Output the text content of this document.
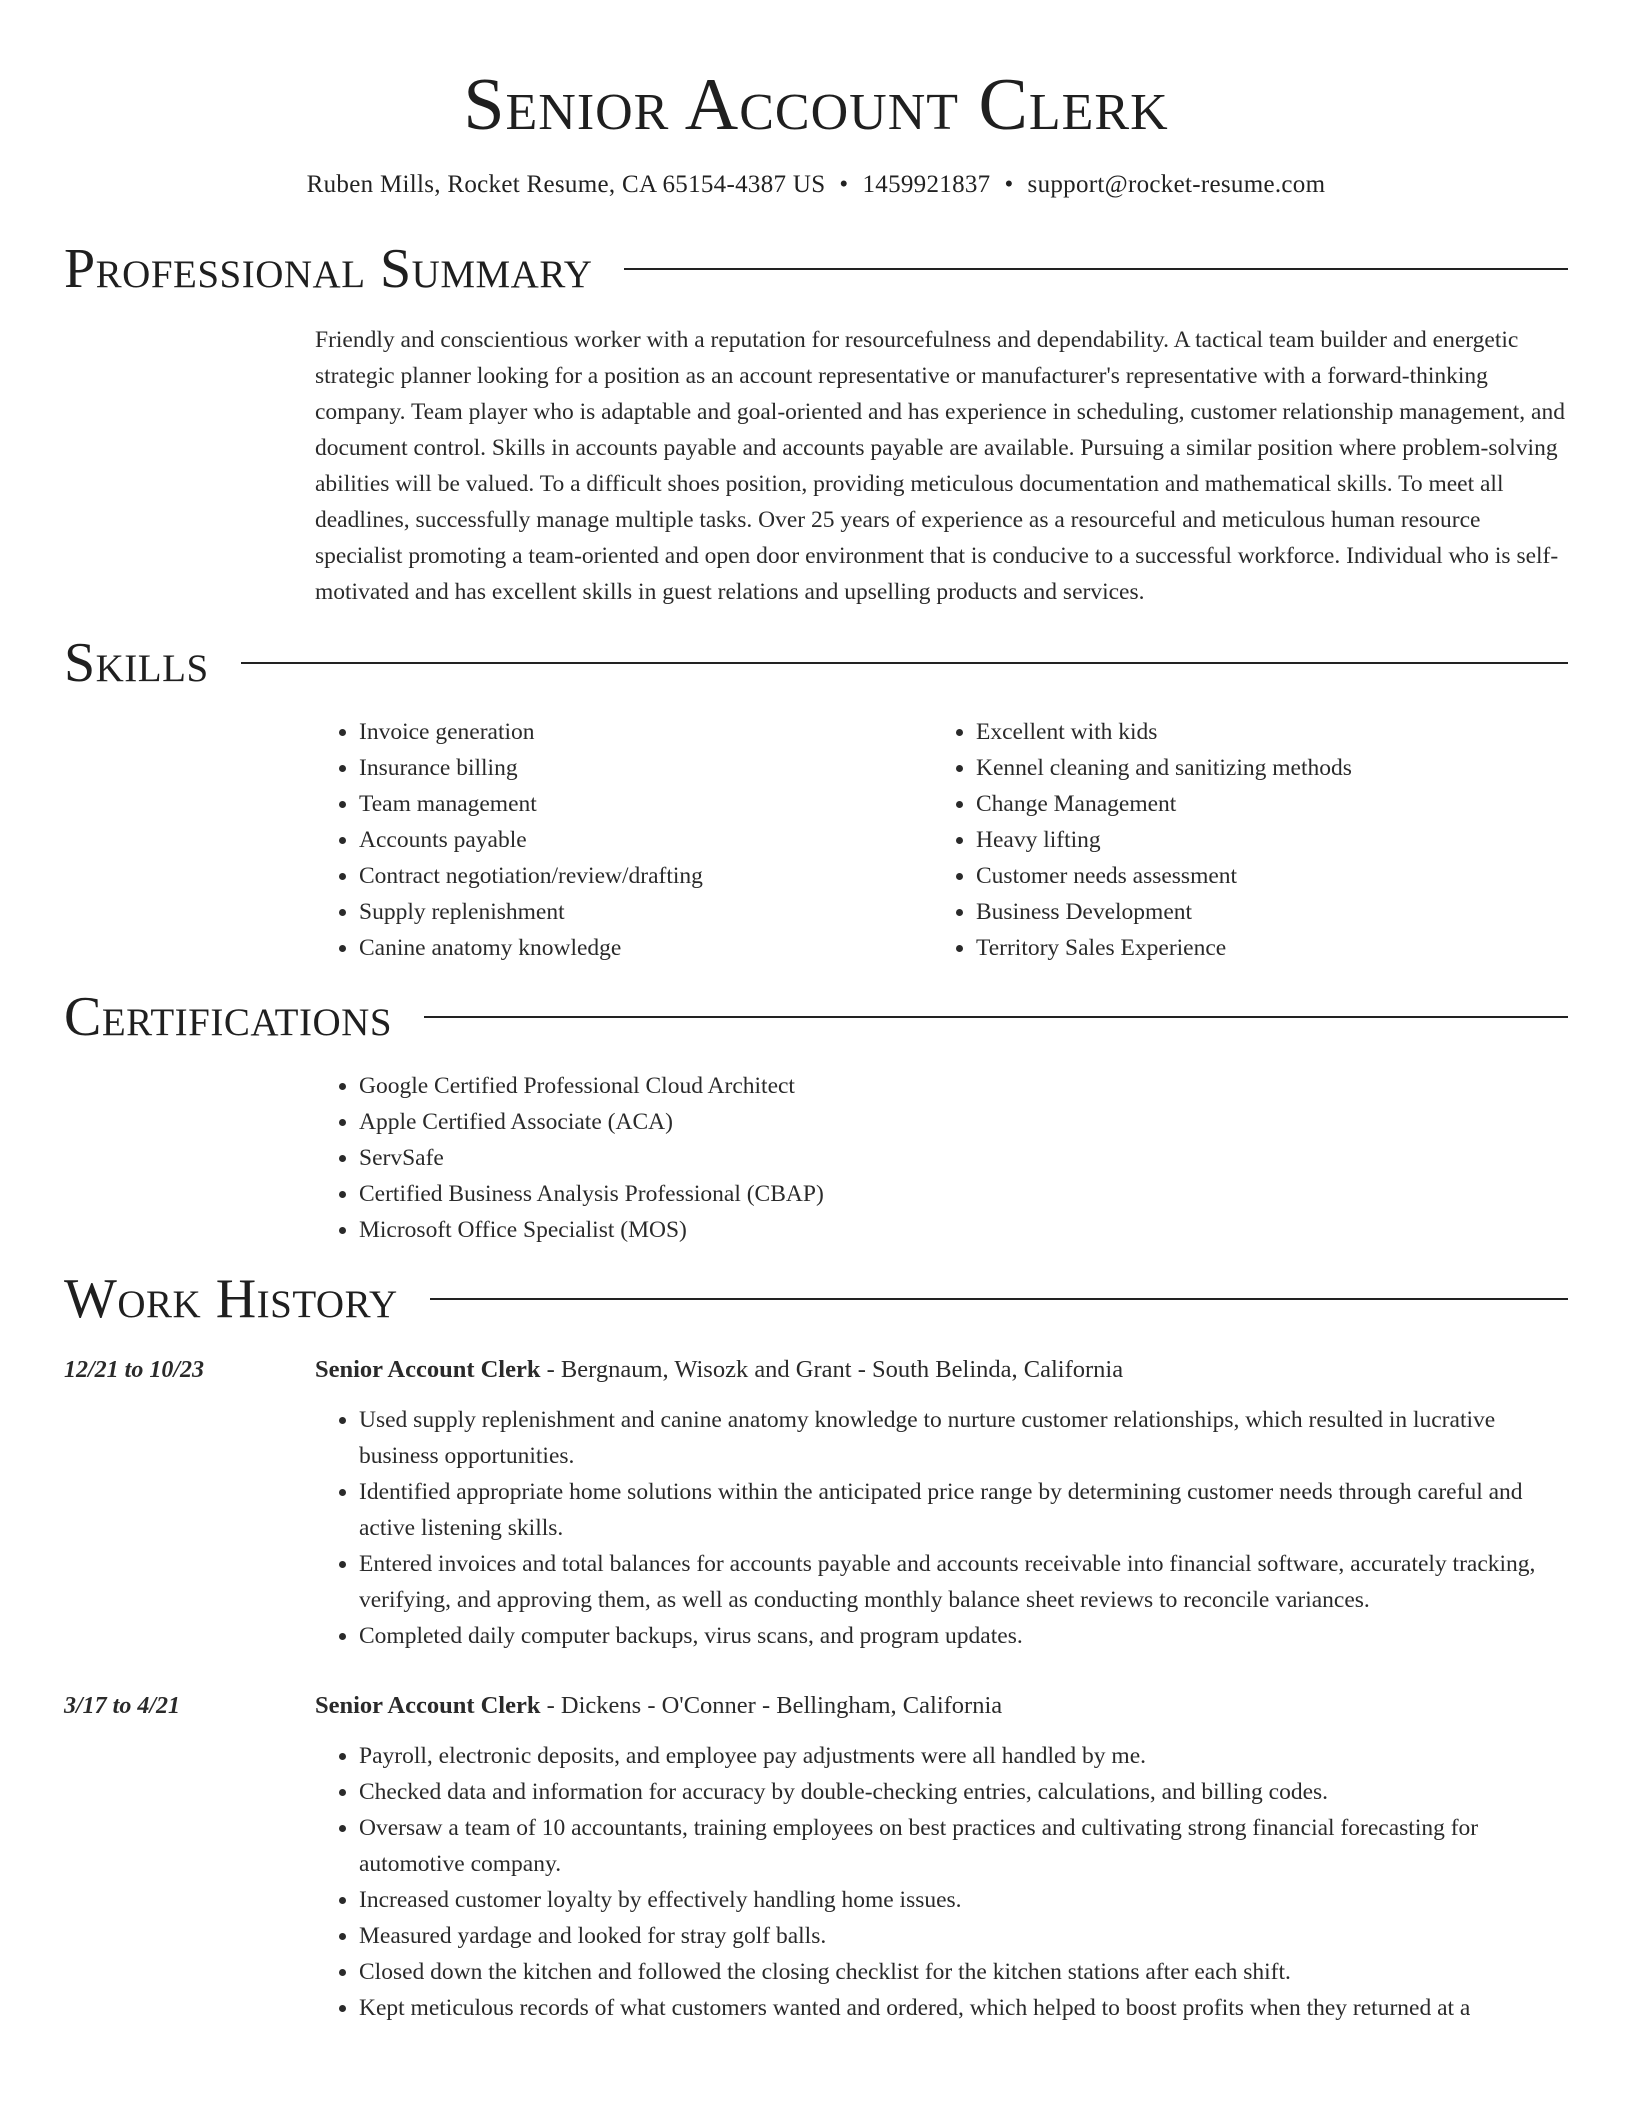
Senior Account Clerk
Ruben Mills, Rocket Resume, CA 65154-4387 US • 1459921837 • support@rocket-resume.com
Professional Summary

Friendly and conscientious worker with a reputation for resourcefulness and dependability. A tactical team builder and energetic strategic planner looking for a position as an account representative or manufacturer's representative with a forward-thinking company. Team player who is adaptable and goal-oriented and has experience in scheduling, customer relationship management, and document control. Skills in accounts payable and accounts payable are available. Pursuing a similar position where problem-solving abilities will be valued. To a difficult shoes position, providing meticulous documentation and mathematical skills. To meet all deadlines, successfully manage multiple tasks. Over 25 years of experience as a resourceful and meticulous human resource specialist promoting a team-oriented and open door environment that is conducive to a successful workforce. Individual who is self-motivated and has excellent skills in guest relations and upselling products and services.

Skills
• Invoice generation
• Insurance billing
• Team management
• Accounts payable
• Contract negotiation/review/drafting
• Supply replenishment
• Canine anatomy knowledge
• Excellent with kids
• Kennel cleaning and sanitizing methods
• Change Management
• Heavy lifting
• Customer needs assessment
• Business Development
• Territory Sales Experience
Certifications
• Google Certified Professional Cloud Architect
• Apple Certified Associate (ACA)
• ServSafe
• Certified Business Analysis Professional (CBAP)
• Microsoft Office Specialist (MOS)
Work History
12/21 to 10/23	Senior Account Clerk - Bergnaum, Wisozk and Grant - South Belinda, California
• Used supply replenishment and canine anatomy knowledge to nurture customer relationships, which resulted in lucrative business opportunities.
• Identified appropriate home solutions within the anticipated price range by determining customer needs through careful and active listening skills.
• Entered invoices and total balances for accounts payable and accounts receivable into financial software, accurately tracking, verifying, and approving them, as well as conducting monthly balance sheet reviews to reconcile variances.
• Completed daily computer backups, virus scans, and program updates.
3/17 to 4/21	Senior Account Clerk - Dickens - O'Conner - Bellingham, California
• Payroll, electronic deposits, and employee pay adjustments were all handled by me.
• Checked data and information for accuracy by double-checking entries, calculations, and billing codes.
• Oversaw a team of 10 accountants, training employees on best practices and cultivating strong financial forecasting for automotive company.
• Increased customer loyalty by effectively handling home issues.
• Measured yardage and looked for stray golf balls.
• Closed down the kitchen and followed the closing checklist for the kitchen stations after each shift.
• Kept meticulous records of what customers wanted and ordered, which helped to boost profits when they returned at a
